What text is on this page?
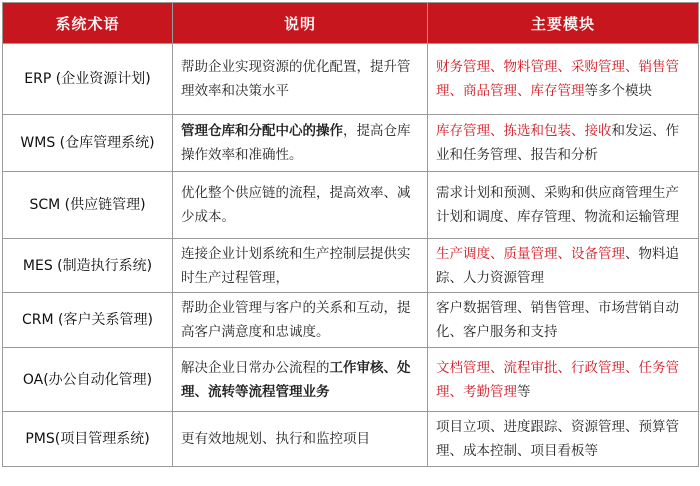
系统术语	说明	主要模块
ERP (企业资源计划)	帮助企业实现资源的优化配置，提升管理效率和决策水平	财务管理、物料管理、采购管理、销售管理、商品管理、库存管理等多个模块
WMS (仓库管理系统)	管理仓库和分配中心的操作，提高仓库操作效率和准确性。	库存管理、拣选和包装、接收和发运、作业和任务管理、报告和分析
SCM (供应链管理)	优化整个供应链的流程，提高效率、减少成本。	需求计划和预测、采购和供应商管理生产计划和调度、库存管理、物流和运输管理
MES (制造执行系统)	连接企业计划系统和生产控制层提供实时生产过程管理，	生产调度、质量管理、设备管理、物料追踪、人力资源管理
CRM (客户关系管理)	帮助企业管理与客户的关系和互动，提高客户满意度和忠诚度。	客户数据管理、销售管理、市场营销自动化、客户服务和支持
OA(办公自动化管理)	解决企业日常办公流程的工作审核、处理、流转等流程管理业务	文档管理、流程审批、行政管理、任务管理、考勤管理等
PMS(项目管理系统)	更有效地规划、执行和监控项目	项目立项、进度跟踪、资源管理、预算管理、成本控制、项目看板等
